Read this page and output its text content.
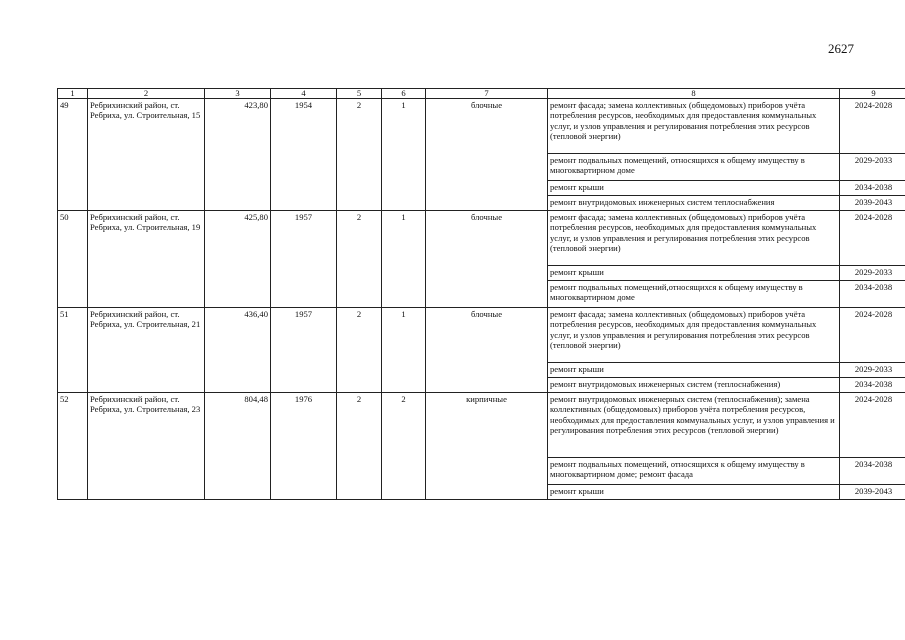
2627
1	2	3	4	5	6	7	8	9
49	Ребрихинский район, ст. Ребриха, ул. Строительная, 15	423,80	1954	2	1	блочные	ремонт фасада; замена коллективных (общедомовых) приборов учёта потребления ресурсов, необходимых для предоставления коммунальных услуг, и узлов управления и регулирования потребления этих ресурсов (тепловой энергии)	2024-2028
							ремонт подвальных помещений, относящихся к общему имуществу в многоквартирном доме	2029-2033
							ремонт крыши	2034-2038
							ремонт внутридомовых инженерных систем теплоснабжения	2039-2043
50	Ребрихинский район, ст. Ребриха, ул. Строительная, 19	425,80	1957	2	1	блочные	ремонт фасада; замена коллективных (общедомовых) приборов учёта потребления ресурсов, необходимых для предоставления коммунальных услуг, и узлов управления и регулирования потребления этих ресурсов (тепловой энергии)	2024-2028
							ремонт крыши	2029-2033
							ремонт подвальных помещений,относящихся к общему имуществу в многоквартирном доме	2034-2038
51	Ребрихинский район, ст. Ребриха, ул. Строительная, 21	436,40	1957	2	1	блочные	ремонт фасада; замена коллективных (общедомовых) приборов учёта потребления ресурсов, необходимых для предоставления коммунальных услуг, и узлов управления и регулирования потребления этих ресурсов (тепловой энергии)	2024-2028
							ремонт крыши	2029-2033
							ремонт внутридомовых инженерных систем (теплоснабжения)	2034-2038
52	Ребрихинский район, ст. Ребриха, ул. Строительная, 23	804,48	1976	2	2	кирпичные	ремонт внутридомовых инженерных систем (теплоснабжения); замена коллективных (общедомовых) приборов учёта потребления ресурсов, необходимых для предоставления коммунальных услуг, и узлов управления и регулирования потребления этих ресурсов (тепловой энергии)	2024-2028
							ремонт подвальных помещений, относящихся к общему имуществу в многоквартирном доме; ремонт фасада	2034-2038
							ремонт крыши	2039-2043
